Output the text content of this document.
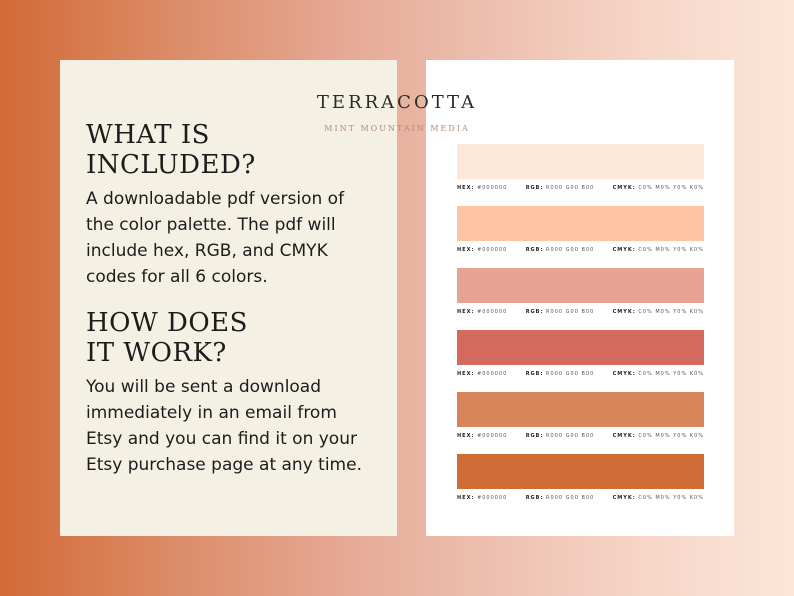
WHAT IS
INCLUDED?

A downloadable pdf version of the color palette. The pdf will include hex, RGB, and CMYK codes for all 6 colors.

HOW DOES
IT WORK?

You will be sent a download immediately in an email from Etsy and you can find it on your Etsy purchase page at any time.

TERRACOTTA
MINT MOUNTAIN MEDIA
HEX: #000000	RGB: R000 G00 B00	CMYK: C0% M0% Y0% K0%
HEX: #000000	RGB: R000 G00 B00	CMYK: C0% M0% Y0% K0%
HEX: #000000	RGB: R000 G00 B00	CMYK: C0% M0% Y0% K0%
HEX: #000000	RGB: R000 G00 B00	CMYK: C0% M0% Y0% K0%
HEX: #000000	RGB: R000 G00 B00	CMYK: C0% M0% Y0% K0%
HEX: #000000	RGB: R000 G00 B00	CMYK: C0% M0% Y0% K0%
